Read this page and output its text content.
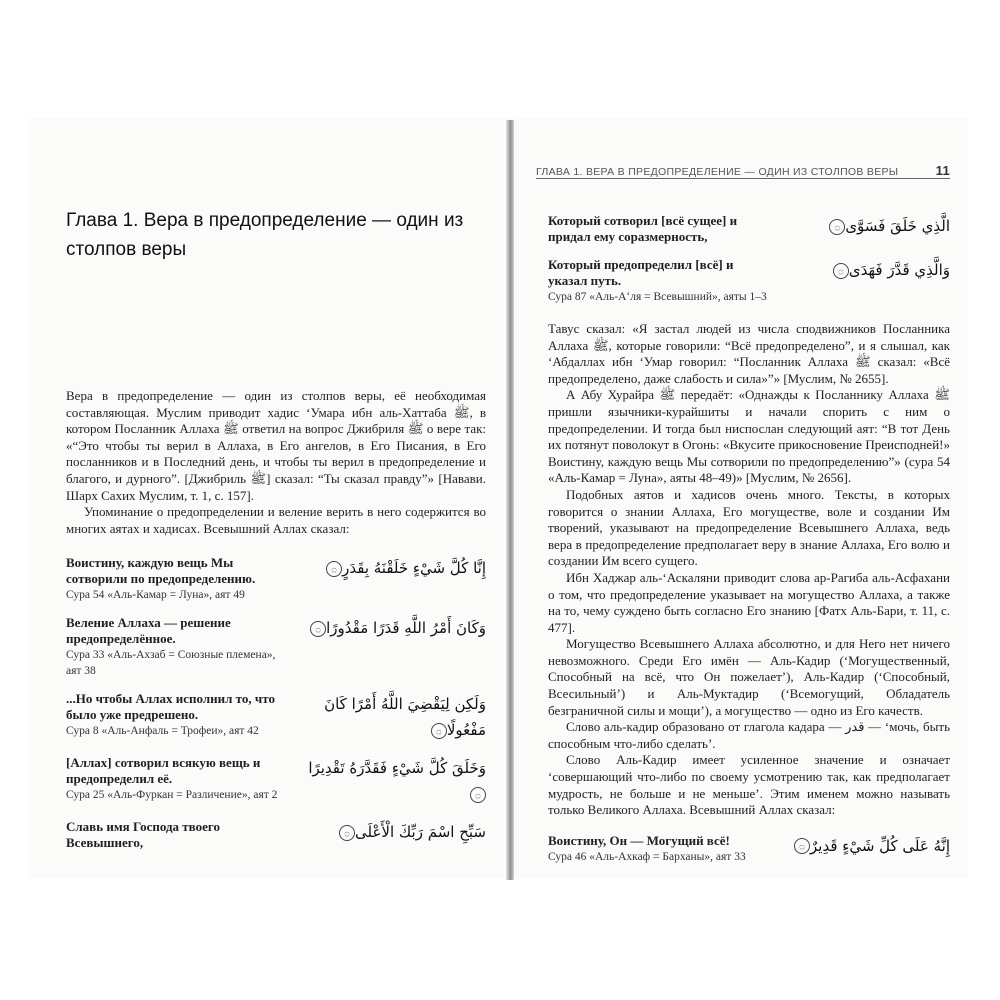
Глава 1. Вера в предопределение — один из столпов веры

Вера в предопределение — один из столпов веры, её необходимая составляющая. Муслим приводит хадис ‘Умара ибн аль-Хаттаба ﷺ, в котором Посланник Аллаха ﷺ ответил на вопрос Джибриля ﷺ о вере так: «“Это чтобы ты верил в Аллаха, в Его ангелов, в Его Писания, в Его посланников и в Последний день, и чтобы ты верил в предопределение и благого, и дурного”. [Джибриль ﷺ] сказал: “Ты сказал правду”» [Навави. Шарх Сахих Муслим, т. 1, с. 157].

Упоминание о предопределении и веление верить в него содержится во многих аятах и хадисах. Всевышний Аллах сказал:

Воистину, каждую вещь Мы сотворили по предопределению.
Сура 54 «Аль-Камар = Луна», аят 49
إِنَّا كُلَّ شَيْءٍ خَلَقْنَهُ بِقَدَرٍ۝
Веление Аллаха — решение предопределённое.
Сура 33 «Аль-Ахзаб = Союзные племена», аят 38
وَكَانَ أَمْرُ اللَّهِ قَدَرًا مَقْدُورًا۝
...Но чтобы Аллах исполнил то, что было уже предрешено.
Сура 8 «Аль-Анфаль = Трофеи», аят 42
وَلَكِن لِيَقْضِيَ اللَّهُ أَمْرًا كَانَ مَفْعُولًا۝
[Аллах] сотворил всякую вещь и предопределил её.
Сура 25 «Аль-Фуркан = Различение», аят 2
وَخَلَقَ كُلَّ شَيْءٍ فَقَدَّرَهُ تَقْدِيرًا۝
Славь имя Господа твоего Всевышнего,
سَبِّحِ اسْمَ رَبِّكَ الْأَعْلَى۝
ГЛАВА 1. ВЕРА В ПРЕДОПРЕДЕЛЕНИЕ — ОДИН ИЗ СТОЛПОВ ВЕРЫ	11
Который сотворил [всё сущее] и придал ему соразмерность,
الَّذِي خَلَقَ فَسَوَّى۝
Который предопределил [всё] и указал путь.
Сура 87 «Аль-А‘ля = Всевышний», аяты 1–3
وَالَّذِي قَدَّرَ فَهَدَى۝

Тавус сказал: «Я застал людей из числа сподвижников Посланника Аллаха ﷺ, которые говорили: “Всё предопределено”, и я слышал, как ‘Абдаллах ибн ‘Умар говорил: “Посланник Аллаха ﷺ сказал: «Всё предопределено, даже слабость и сила»”» [Муслим, № 2655].

А Абу Хурайра ﷺ передаёт: «Однажды к Посланнику Аллаха ﷺ пришли язычники-курайшиты и начали спорить с ним о предопределении. И тогда был ниспослан следующий аят: “В тот День их потянут поволокут в Огонь: «Вкусите прикосновение Преисподней!» Воистину, каждую вещь Мы сотворили по предопределению”» (сура 54 «Аль-Камар = Луна», аяты 48–49)» [Муслим, № 2656].

Подобных аятов и хадисов очень много. Тексты, в которых говорится о знании Аллаха, Его могуществе, воле и создании Им творений, указывают на предопределение Всевышнего Аллаха, ведь вера в предопределение предполагает веру в знание Аллаха, Его волю и создании Им всего сущего.

Ибн Хаджар аль-‘Аскаляни приводит слова ар-Рагиба аль-Асфахани о том, что предопределение указывает на могущество Аллаха, а также на то, чему суждено быть согласно Его знанию [Фатх Аль-Бари, т. 11, с. 477].

Могущество Всевышнего Аллаха абсолютно, и для Него нет ничего невозможного. Среди Его имён — Аль-Кадир (‘Могущественный, Способный на всё, что Он пожелает’), Аль-Кадир (‘Способный, Всесильный’) и Аль-Муктадир (‘Всемогущий, Обладатель безграничной силы и мощи’), а могущество — одно из Его качеств.

Слово аль-кадир образовано от глагола кадара — قدر — ‘мочь, быть способным что-либо сделать’.

Слово Аль-Кадир имеет усиленное значение и означает ‘совершающий что-либо по своему усмотрению так, как предполагает мудрость, не больше и не меньше’. Этим именем можно называть только Великого Аллаха. Всевышний Аллах сказал:

Воистину, Он — Могущий всё!
Сура 46 «Аль-Ахкаф = Барханы», аят 33
إِنَّهُ عَلَى كُلِّ شَيْءٍ قَدِيرٌ۝
